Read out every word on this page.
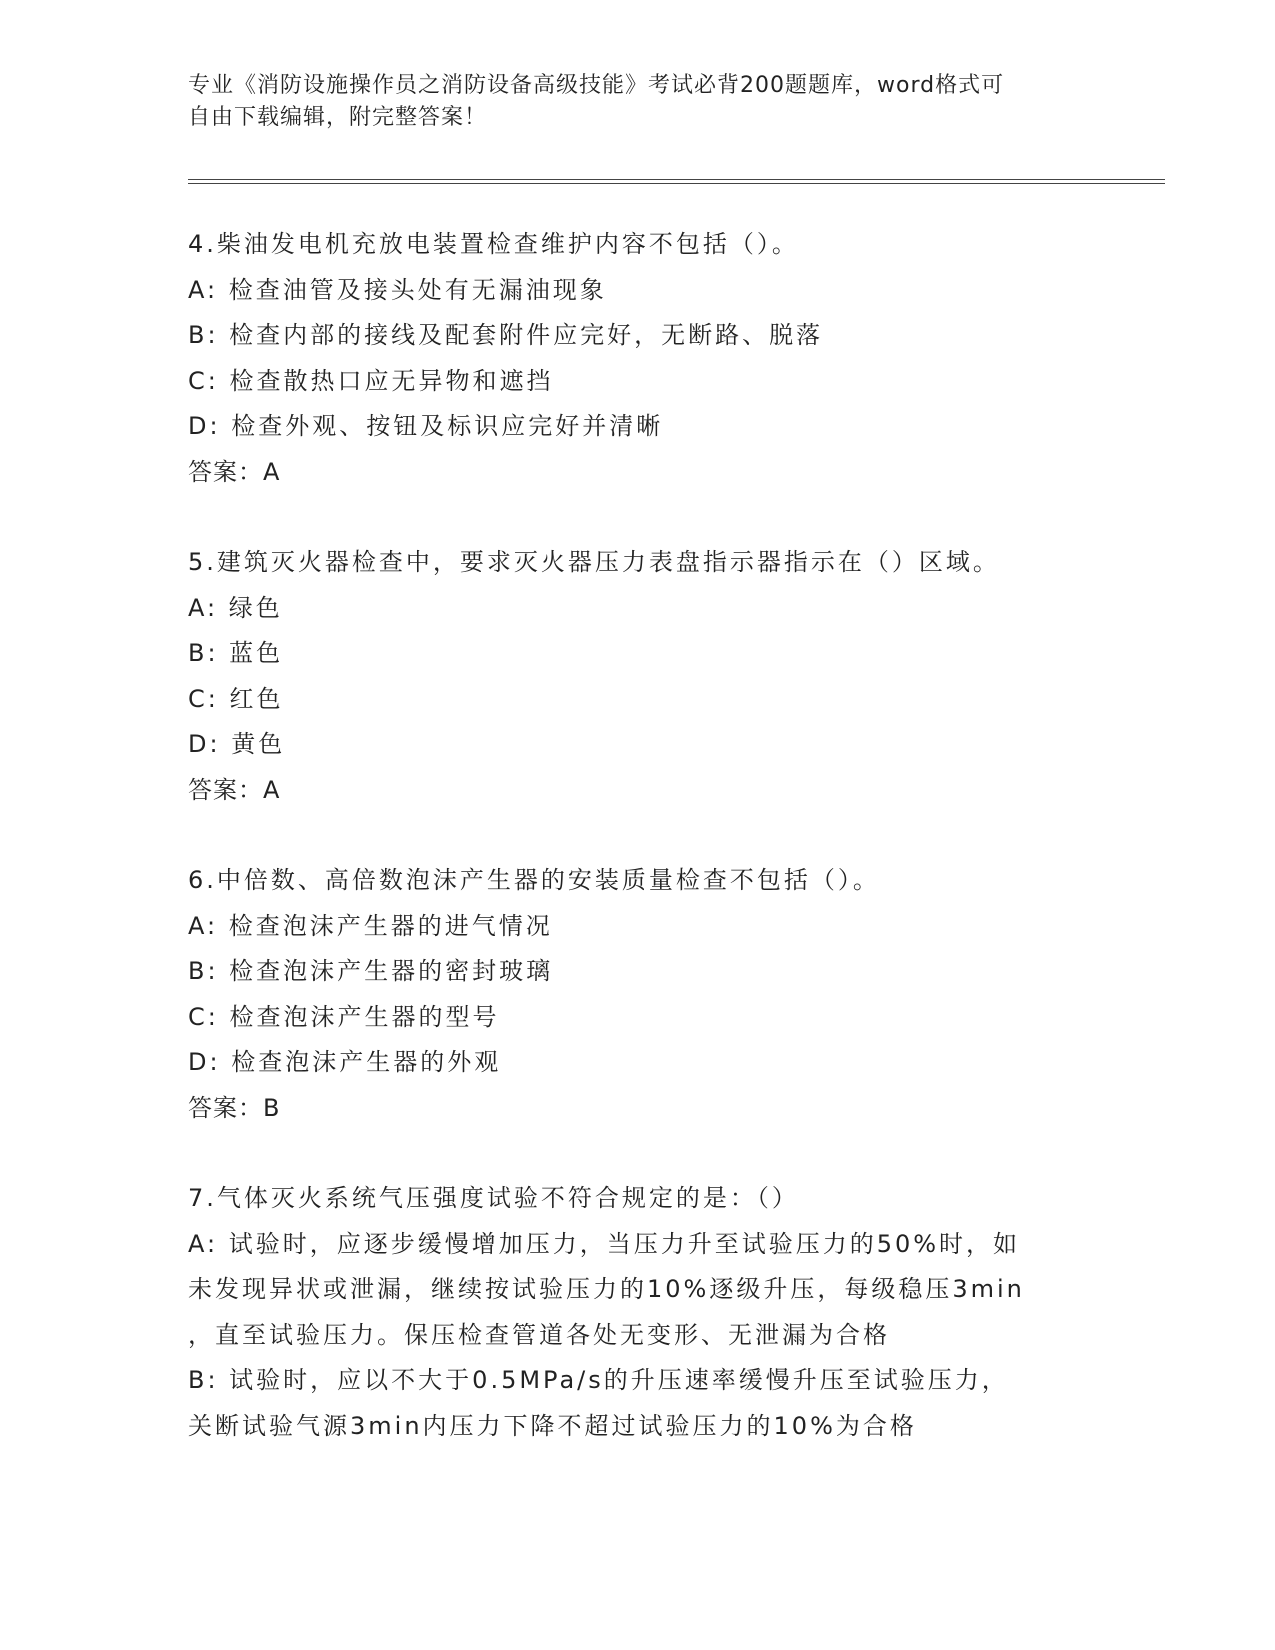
专业《消防设施操作员之消防设备高级技能》考试必背200题题库，word格式可
自由下载编辑，附完整答案！
4.柴油发电机充放电装置检查维护内容不包括（）。
A: 检查油管及接头处有无漏油现象
B: 检查内部的接线及配套附件应完好，无断路、脱落
C: 检查散热口应无异物和遮挡
D: 检查外观、按钮及标识应完好并清晰
答案：A
5.建筑灭火器检查中，要求灭火器压力表盘指示器指示在（）区域。
A: 绿色
B: 蓝色
C: 红色
D: 黄色
答案：A
6.中倍数、高倍数泡沫产生器的安装质量检查不包括（）。
A: 检查泡沫产生器的进气情况
B: 检查泡沫产生器的密封玻璃
C: 检查泡沫产生器的型号
D: 检查泡沫产生器的外观
答案：B
7.气体灭火系统气压强度试验不符合规定的是：（）
A: 试验时，应逐步缓慢增加压力，当压力升至试验压力的50%时，如
未发现异状或泄漏，继续按试验压力的10%逐级升压，每级稳压3min
，直至试验压力。保压检查管道各处无变形、无泄漏为合格
B: 试验时，应以不大于0.5MPa/s的升压速率缓慢升压至试验压力，
关断试验气源3min内压力下降不超过试验压力的10%为合格
